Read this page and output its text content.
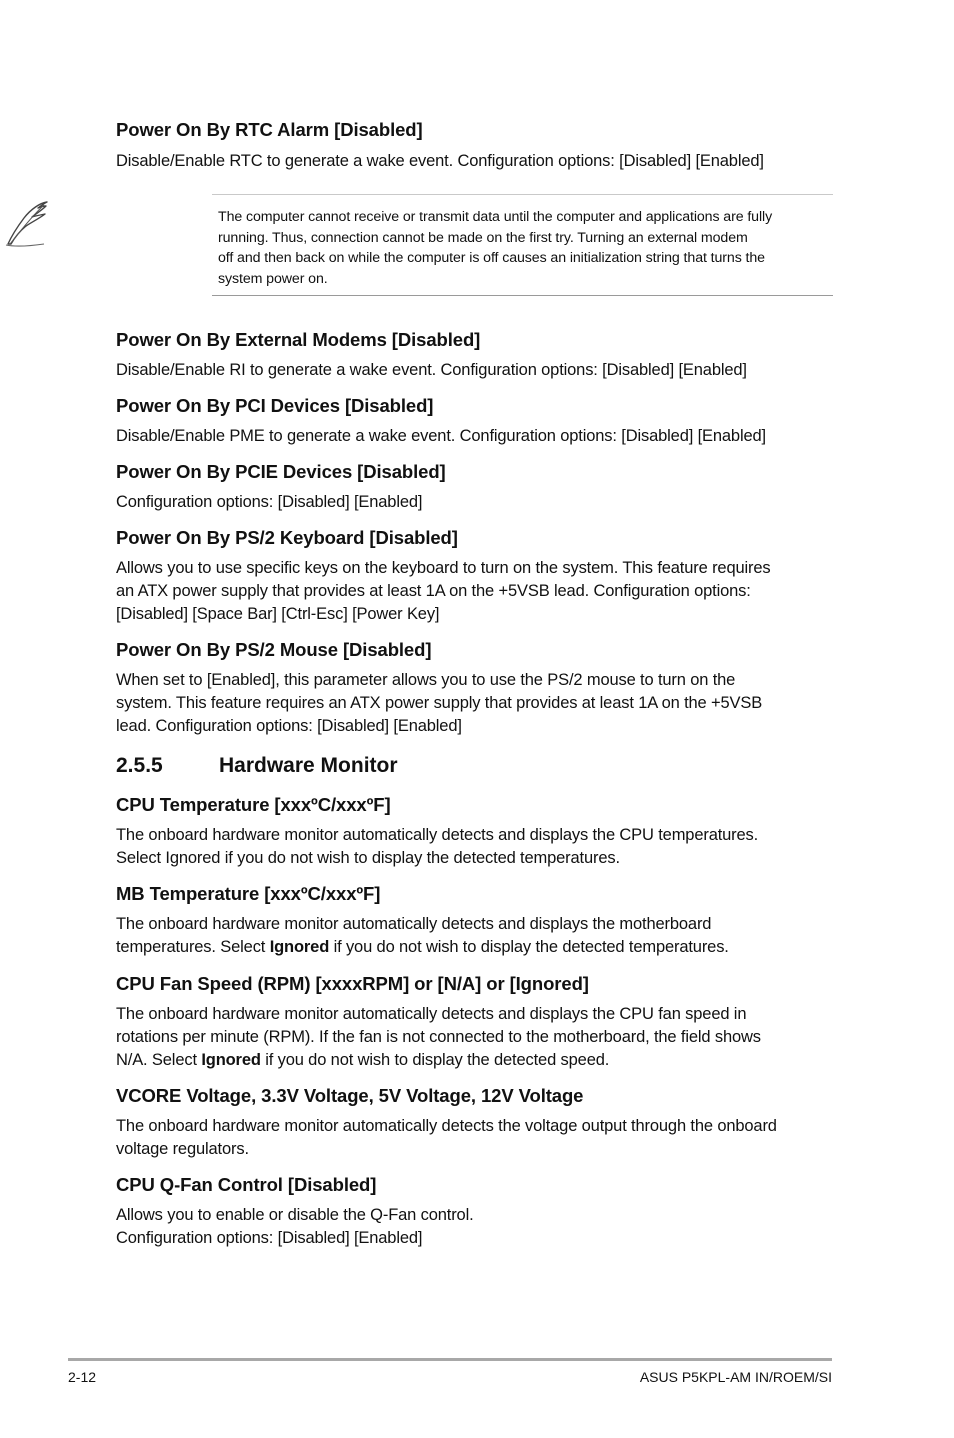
Power On By RTC Alarm [Disabled]

Disable/Enable RTC to generate a wake event. Configuration options: [Disabled] [Enabled]

The computer cannot receive or transmit data until the computer and applications are fully
running. Thus, connection cannot be made on the first try. Turning an external modem
off and then back on while the computer is off causes an initialization string that turns the
system power on.

Power On By External Modems [Disabled]

Disable/Enable RI to generate a wake event. Configuration options: [Disabled] [Enabled]

Power On By PCI Devices [Disabled]

Disable/Enable PME to generate a wake event. Configuration options: [Disabled] [Enabled]

Power On By PCIE Devices [Disabled]

Configuration options: [Disabled] [Enabled]

Power On By PS/2 Keyboard [Disabled]

Allows you to use specific keys on the keyboard to turn on the system. This feature requires
an ATX power supply that provides at least 1A on the +5VSB lead. Configuration options:
[Disabled] [Space Bar] [Ctrl-Esc] [Power Key]

Power On By PS/2 Mouse [Disabled]

When set to [Enabled], this parameter allows you to use the PS/2 mouse to turn on the
system. This feature requires an ATX power supply that provides at least 1A on the +5VSB
lead. Configuration options: [Disabled] [Enabled]

2.5.5	Hardware Monitor
CPU Temperature [xxxºC/xxxºF]

The onboard hardware monitor automatically detects and displays the CPU temperatures.
Select Ignored if you do not wish to display the detected temperatures.

MB Temperature [xxxºC/xxxºF]

The onboard hardware monitor automatically detects and displays the motherboard
temperatures. Select Ignored if you do not wish to display the detected temperatures.

CPU Fan Speed (RPM) [xxxxRPM] or [N/A] or [Ignored]

The onboard hardware monitor automatically detects and displays the CPU fan speed in
rotations per minute (RPM). If the fan is not connected to the motherboard, the field shows
N/A. Select Ignored if you do not wish to display the detected speed.

VCORE Voltage, 3.3V Voltage, 5V Voltage, 12V Voltage

The onboard hardware monitor automatically detects the voltage output through the onboard
voltage regulators.

CPU Q-Fan Control [Disabled]

Allows you to enable or disable the Q-Fan control.
Configuration options: [Disabled] [Enabled]

2-12	ASUS P5KPL-AM IN/ROEM/SI
